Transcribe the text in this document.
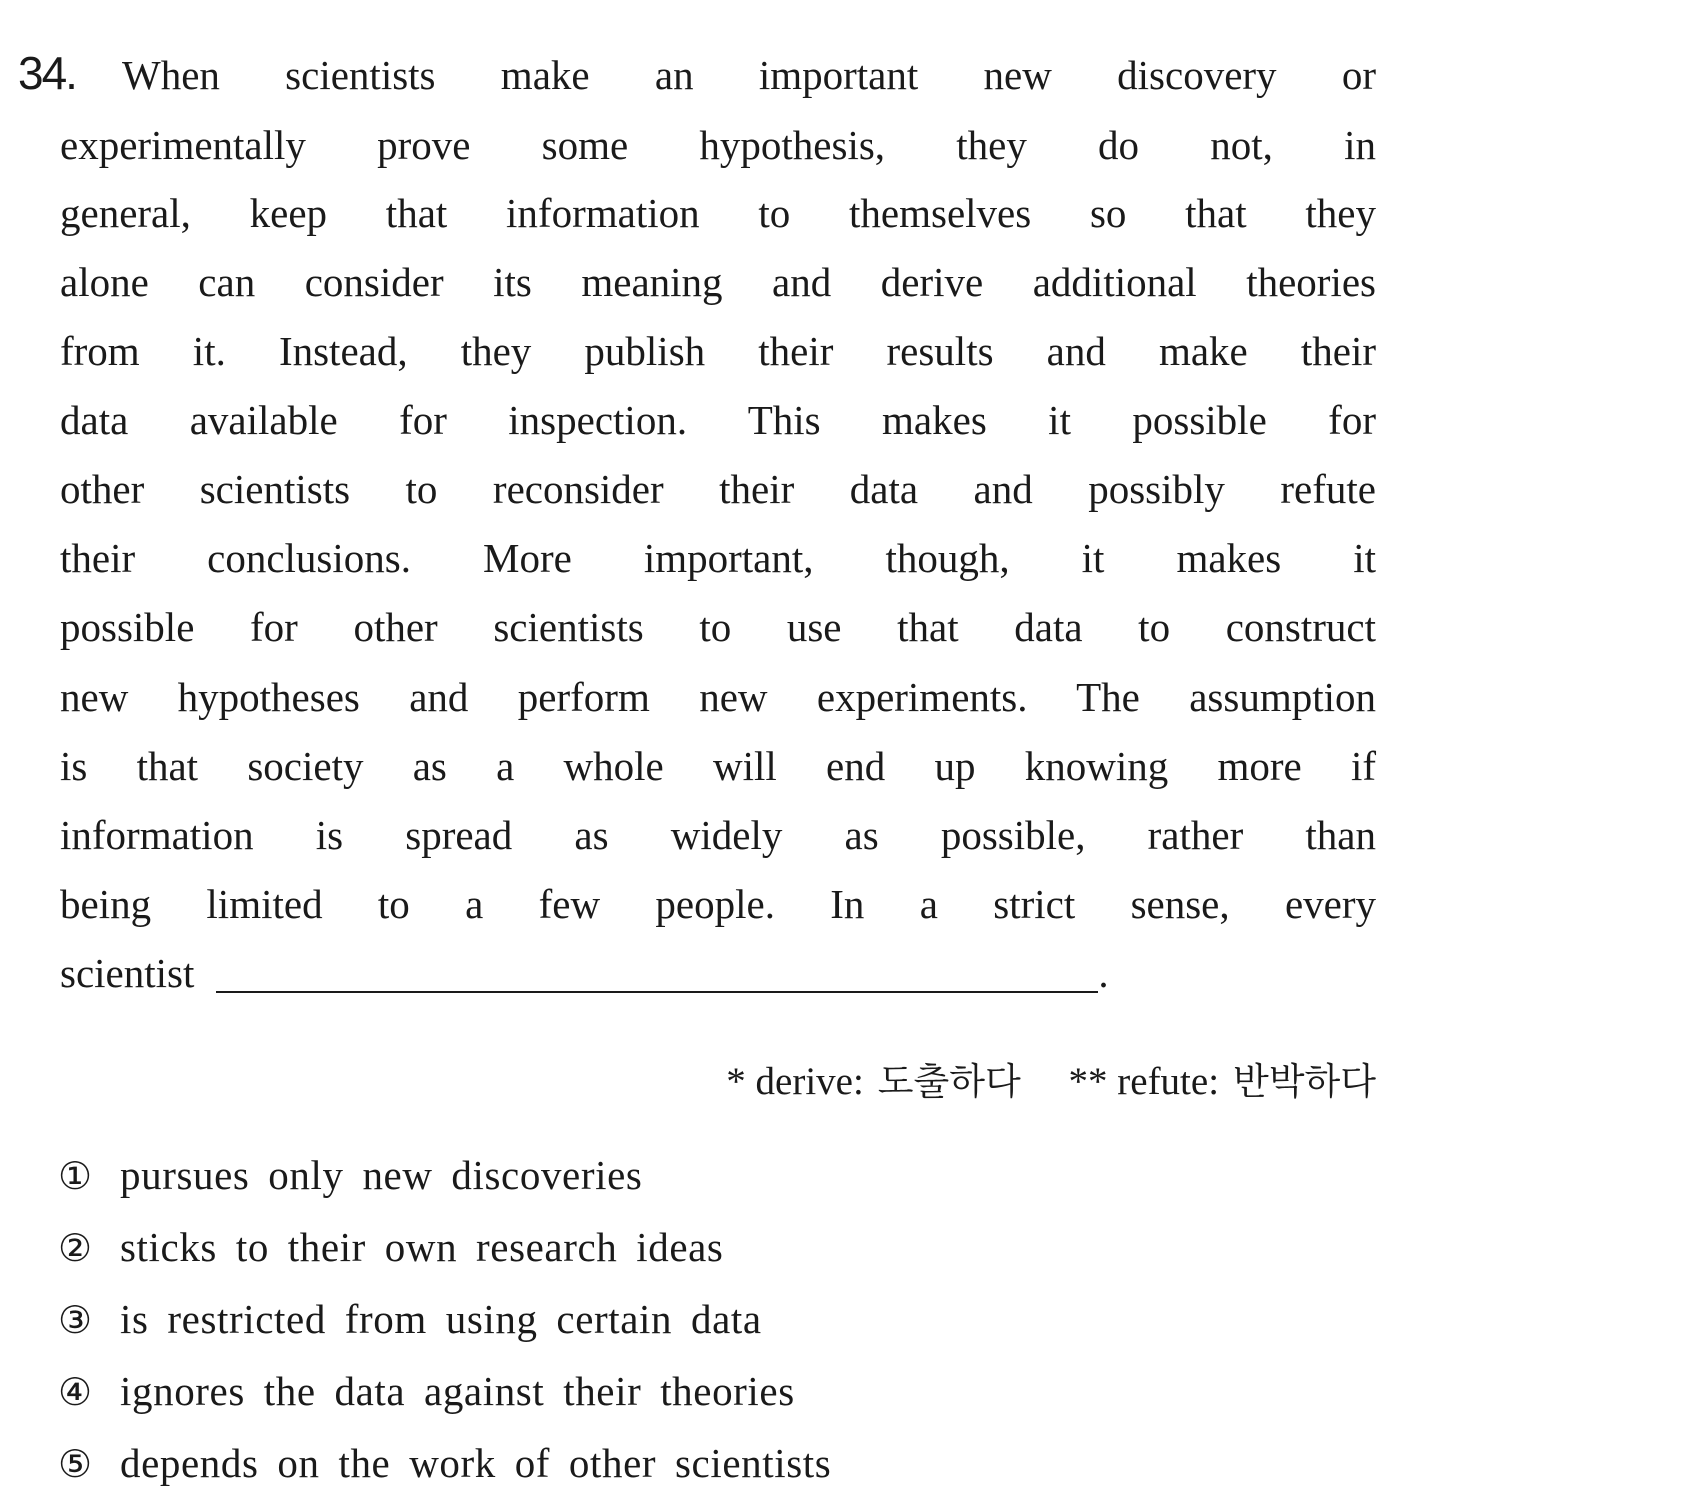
34. When scientists make an important new discovery or
experimentally prove some hypothesis, they do not, in
general, keep that information to themselves so that they
alone can consider its meaning and derive additional theories
from it. Instead, they publish their results and make their
data available for inspection. This makes it possible for
other scientists to reconsider their data and possibly refute
their conclusions. More important, though, it makes it
possible for other scientists to use that data to construct
new hypotheses and perform new experiments. The assumption
is that society as a whole will end up knowing more if
information is spread as widely as possible, rather than
being limited to a few people. In a strict sense, every
scientist	.
* derive: 도출하다 ** refute: 반박하다
① pursues only new discoveries
② sticks to their own research ideas
③ is restricted from using certain data
④ ignores the data against their theories
⑤ depends on the work of other scientists
